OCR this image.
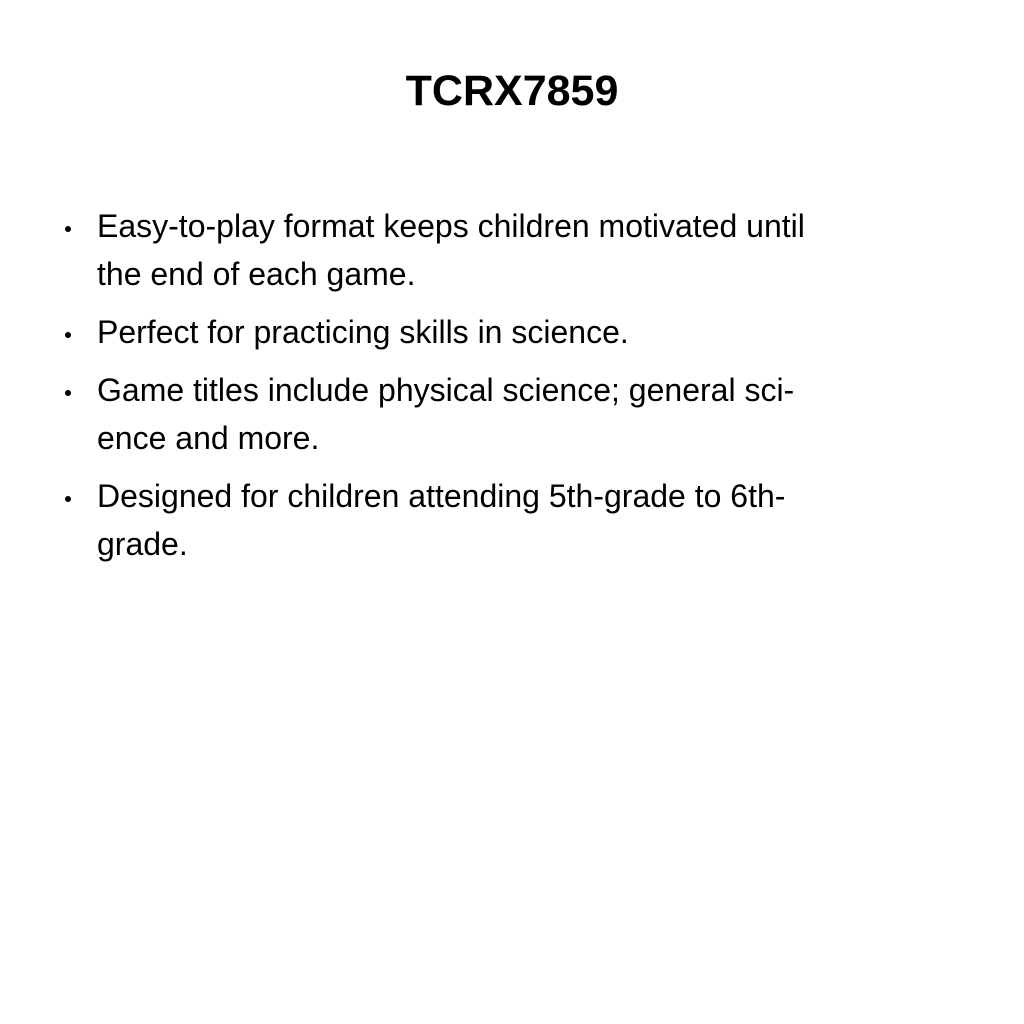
TCRX7859
Easy-to-play format keeps children motivated until
the end of each game.
Perfect for practicing skills in science.
Game titles include physical science; general sci-
ence and more.
Designed for children attending 5th-grade to 6th-
grade.
